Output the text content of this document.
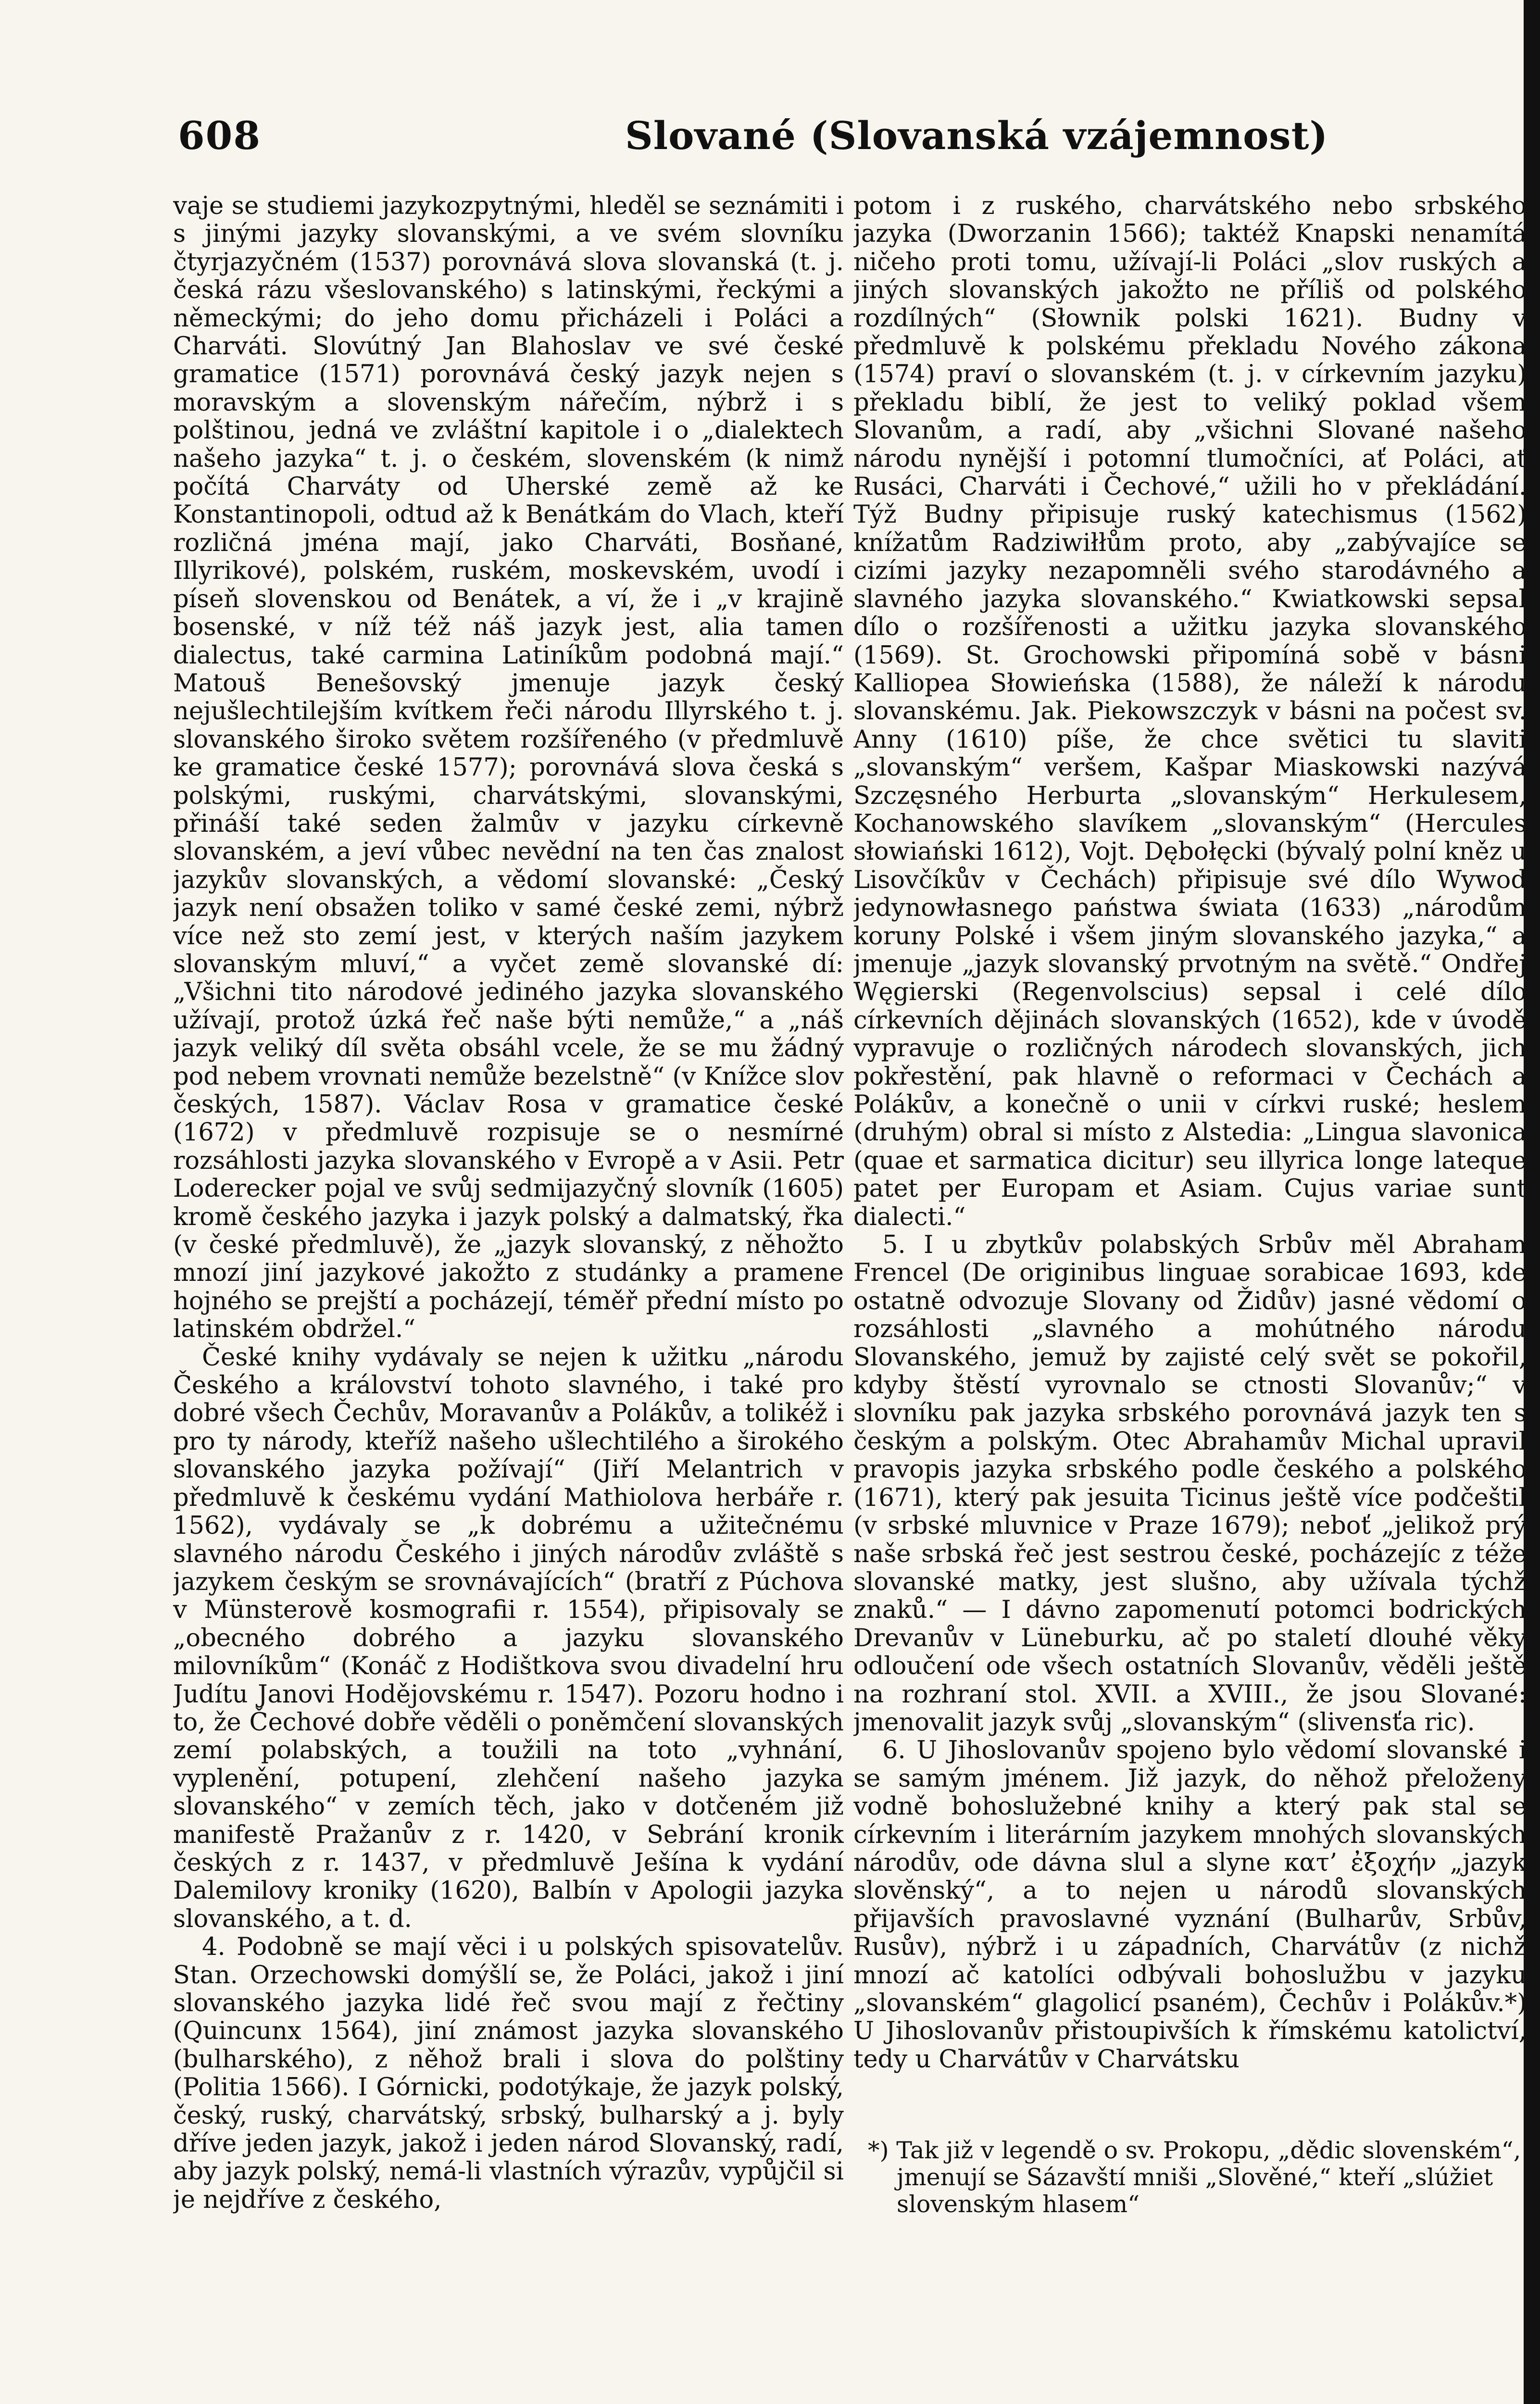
608	Slované (Slovanská vzájemnost)

vaje se studiemi jazykozpytnými, hleděl se seznámiti i s jinými jazyky slovanskými, a ve svém slovníku čtyrjazyčném (1537) porovnává slova slovanská (t. j. česká rázu všeslovanského) s latinskými, řeckými a německými; do jeho domu přicházeli i Poláci a Charváti. Slovútný Jan Blahoslav ve své české gramatice (1571) porovnává český jazyk nejen s moravským a slovenským nářečím, nýbrž i s polštinou, jedná ve zvláštní kapitole i o „dialektech našeho jazyka“ t. j. o českém, slovenském (k nimž počítá Charváty od Uherské země až ke Konstantinopoli, odtud až k Benátkám do Vlach, kteří rozličná jména mají, jako Charváti, Bosňané, Illyrikové), polském, ruském, moskevském, uvodí i píseň slovenskou od Benátek, a ví, že i „v krajině bosenské, v níž též náš jazyk jest, alia tamen dialectus, také carmina Latiníkům podobná mají.“ Matouš Benešovský jmenuje jazyk český nejušlechtilejším kvítkem řeči národu Illyrského t. j. slovanského široko světem rozšířeného (v předmluvě ke gramatice české 1577); porovnává slova česká s polskými, ruskými, charvátskými, slovanskými, přináší také seden žalmův v jazyku církevně slovanském, a jeví vůbec nevědní na ten čas znalost jazykův slovanských, a vědomí slovanské: „Český jazyk není obsažen toliko v samé české zemi, nýbrž více než sto zemí jest, v kterých naším jazykem slovanským mluví,“ a vyčet země slovanské dí: „Všichni tito národové jediného jazyka slovanského užívají, protož úzká řeč naše býti nemůže,“ a „náš jazyk veliký díl světa obsáhl vcele, že se mu žádný pod nebem vrovnati nemůže bezelstně“ (v Knížce slov českých, 1587). Václav Rosa v gramatice české (1672) v předmluvě rozpisuje se o nesmírné rozsáhlosti jazyka slovanského v Evropě a v Asii. Petr Loderecker pojal ve svůj sedmijazyčný slovník (1605) kromě českého jazyka i jazyk polský a dalmatský, řka (v české předmluvě), že „jazyk slovanský, z něhožto mnozí jiní jazykové jakožto z studánky a pramene hojného se prejští a pocházejí, téměř přední místo po latinském obdržel.“

České knihy vydávaly se nejen k užitku „národu Českého a království tohoto slavného, i také pro dobré všech Čechův, Moravanův a Polákův, a tolikéž i pro ty národy, kteříž našeho ušlechtilého a širokého slovanského jazyka požívají“ (Jiří Melantrich v předmluvě k českému vydání Mathiolova herbáře r. 1562), vydávaly se „k dobrému a užitečnému slavného národu Českého i jiných národův zvláště s jazykem českým se srovnávajících“ (bratří z Púchova v Münsterově kosmografii r. 1554), připisovaly se „obecného dobrého a jazyku slovanského milovníkům“ (Konáč z Hodištkova svou divadelní hru Judítu Janovi Hodějovskému r. 1547). Pozoru hodno i to, že Čechové dobře věděli o poněmčení slovanských zemí polabských, a toužili na toto „vyhnání, vyplenění, potupení, zlehčení našeho jazyka slovanského“ v zemích těch, jako v dotčeném již manifestě Pražanův z r. 1420, v Sebrání kronik českých z r. 1437, v předmluvě Ješína k vydání Dalemilovy kroniky (1620), Balbín v Apologii jazyka slovanského, a t. d.

4. Podobně se mají věci i u polských spisovatelův. Stan. Orzechowski domýšlí se, že Poláci, jakož i jiní slovanského jazyka lidé řeč svou mají z řečtiny (Quincunx 1564), jiní známost jazyka slovanského (bulharského), z něhož brali i slova do polštiny (Politia 1566). I Górnicki, podotýkaje, že jazyk polský, český, ruský, charvátský, srbský, bulharský a j. byly dříve jeden jazyk, jakož i jeden národ Slovanský, radí, aby jazyk polský, nemá-li vlastních výrazův, vypůjčil si je nejdříve z českého,

potom i z ruského, charvátského nebo srbského jazyka (Dworzanin 1566); taktéž Knapski nenamítá ničeho proti tomu, užívají-li Poláci „slov ruských a jiných slovanských jakožto ne příliš od polského rozdílných“ (Słownik polski 1621). Budny v předmluvě k polskému překladu Nového zákona (1574) praví o slovanském (t. j. v církevním jazyku) překladu biblí, že jest to veliký poklad všem Slovanům, a radí, aby „všichni Slované našeho národu nynější i potomní tlumočníci, ať Poláci, ať Rusáci, Charváti i Čechové,“ užili ho v překládání. Týž Budny připisuje ruský katechismus (1562) knížatům Radziwiłłům proto, aby „zabývajíce se cizími jazyky nezapomněli svého starodávného a slavného jazyka slovanského.“ Kwiatkowski sepsal dílo o rozšířenosti a užitku jazyka slovanského (1569). St. Grochowski připomíná sobě v básni Kalliopea Słowieńska (1588), že náleží k národu slovanskému. Jak. Piekowszczyk v básni na počest sv. Anny (1610) píše, že chce světici tu slaviti „slovanským“ veršem, Kašpar Miaskowski nazývá Szczęsného Herburta „slovanským“ Herkulesem, Kochanowského slavíkem „slovanským“ (Hercules słowiański 1612), Vojt. Dębołęcki (bývalý polní kněz u Lisovčíkův v Čechách) připisuje své dílo Wywod jedynowłasnego państwa świata (1633) „národům koruny Polské i všem jiným slovanského jazyka,“ a jmenuje „jazyk slovanský prvotným na světě.“ Ondřej Węgierski (Regenvolscius) sepsal i celé dílo církevních dějinách slovanských (1652), kde v úvodě vypravuje o rozličných národech slovanských, jich pokřestění, pak hlavně o reformaci v Čechách a Polákův, a konečně o unii v církvi ruské; heslem (druhým) obral si místo z Alstedia: „Lingua slavonica (quae et sarmatica dicitur) seu illyrica longe lateque patet per Europam et Asiam. Cujus variae sunt dialecti.“

5. I u zbytkův polabských Srbův měl Abraham Frencel (De originibus linguae sorabicae 1693, kde ostatně odvozuje Slovany od Židův) jasné vědomí o rozsáhlosti „slavného a mohútného národu Slovanského, jemuž by zajisté celý svět se pokořil, kdyby štěstí vyrovnalo se ctnosti Slovanův;“ v slovníku pak jazyka srbského porovnává jazyk ten s českým a polským. Otec Abrahamův Michal upravil pravopis jazyka srbského podle českého a polského (1671), který pak jesuita Ticinus ještě více podčeštil (v srbské mluvnice v Praze 1679); neboť „jelikož prý naše srbská řeč jest sestrou české, pocházejíc z téže slovanské matky, jest slušno, aby užívala týchž znaků.“ — I dávno zapomenutí potomci bodrických Drevanův v Lüneburku, ač po staletí dlouhé věky odloučení ode všech ostatních Slovanův, věděli ještě na rozhraní stol. XVII. a XVIII., že jsou Slované: jmenovalit jazyk svůj „slovanským“ (slivensťa ric).

6. U Jihoslovanův spojeno bylo vědomí slovanské i se samým jménem. Již jazyk, do něhož přeloženy vodně bohoslužebné knihy a který pak stal se církevním i literárním jazykem mnohých slovanských národův, ode dávna slul a slyne κατ’ ἐξοχήν „jazyk slověnský“, a to nejen u národů slovanských přijavších pravoslavné vyznání (Bulharův, Srbův, Rusův), nýbrž i u západních, Charvátův (z nichž mnozí ač katolíci odbývali bohoslužbu v jazyku „slovanském“ glagolicí psaném), Čechův i Polákův.*) U Jihoslovanův přistoupivších k římskému katolictví, tedy u Charvátův v Charvátsku

*) Tak již v legendě o sv. Prokopu, „dědic slovenském“, jmenují se Sázavští mniši „Slověné,“ kteří „slúžiet slovenským hlasem“
